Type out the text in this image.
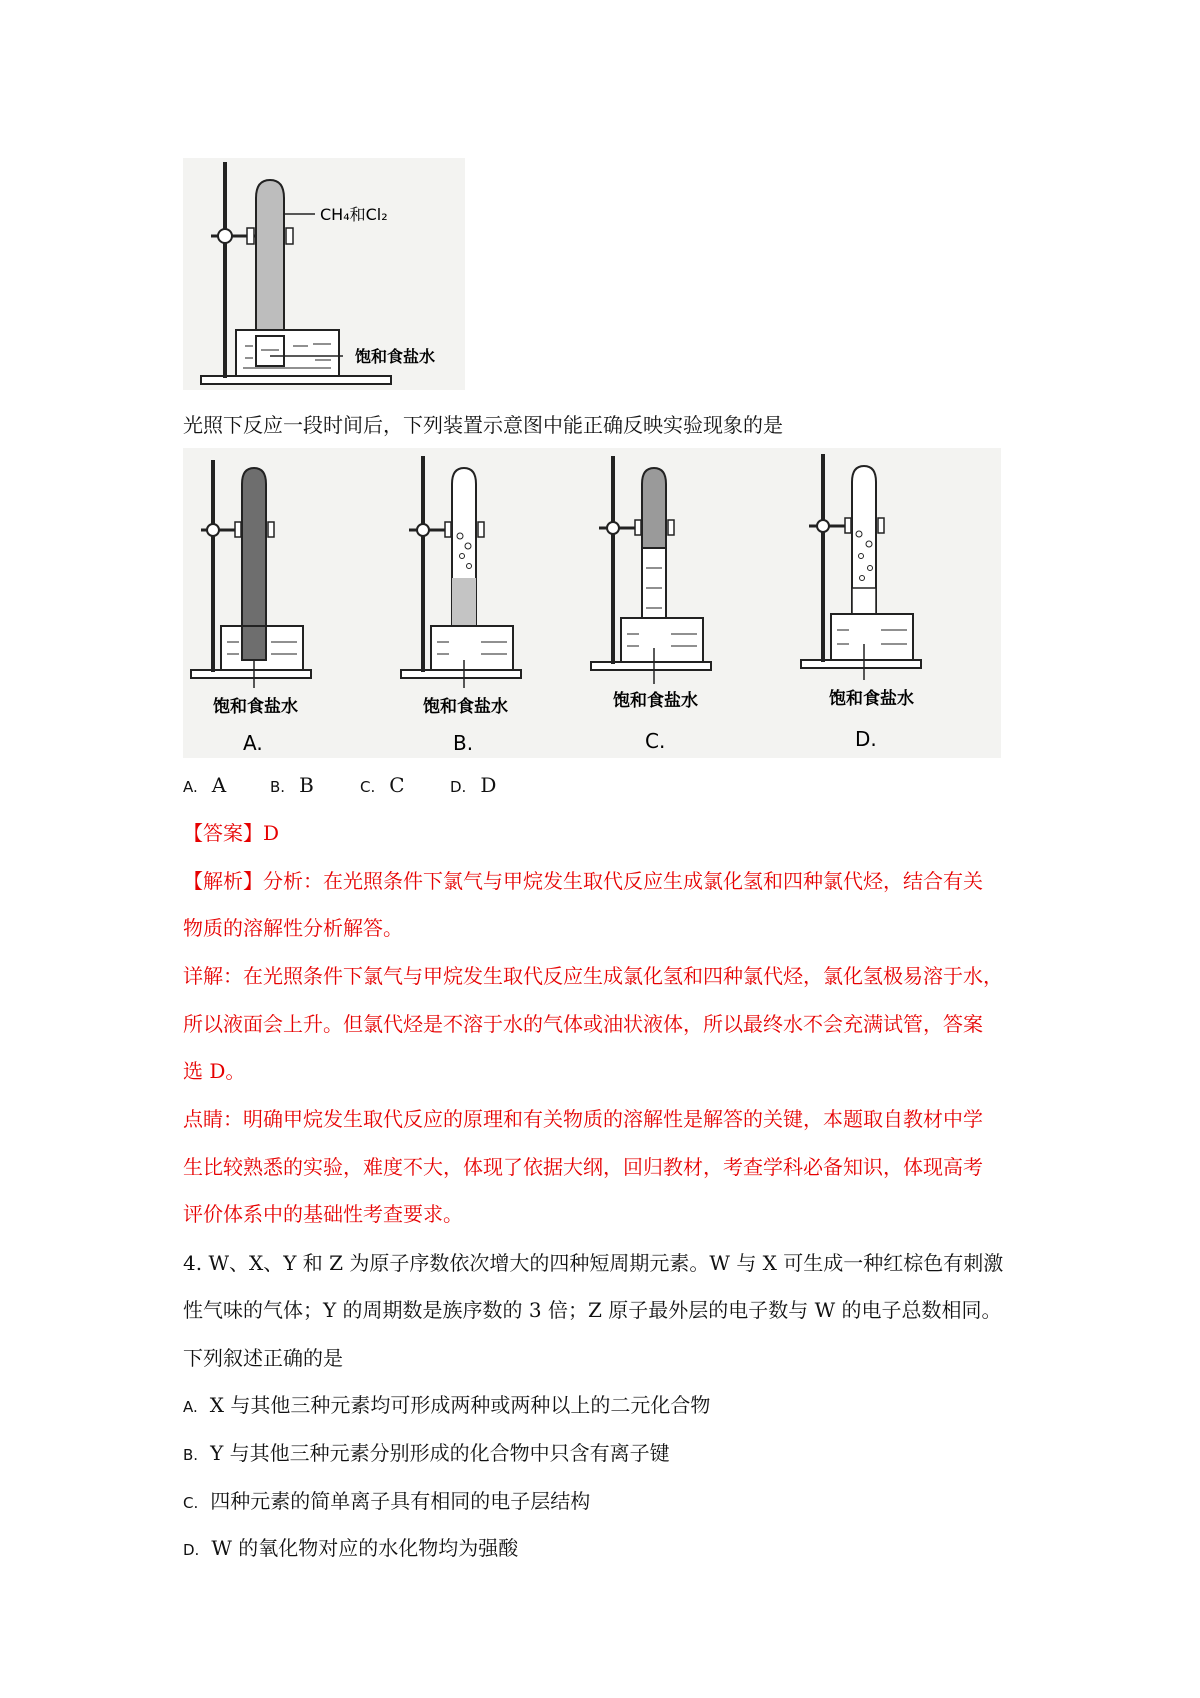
CH₄和Cl₂
饱和食盐水
光照下反应一段时间后，下列装置示意图中能正确反映实验现象的是
饱和食盐水
A.
饱和食盐水
B.
饱和食盐水
C.
饱和食盐水
D.
A. A	B. B	C. C	D. D
【答案】D
【解析】分析：在光照条件下氯气与甲烷发生取代反应生成氯化氢和四种氯代烃，结合有关
物质的溶解性分析解答。
详解：在光照条件下氯气与甲烷发生取代反应生成氯化氢和四种氯代烃，氯化氢极易溶于水，
所以液面会上升。但氯代烃是不溶于水的气体或油状液体，所以最终水不会充满试管，答案
选 D。
点睛：明确甲烷发生取代反应的原理和有关物质的溶解性是解答的关键，本题取自教材中学
生比较熟悉的实验，难度不大，体现了依据大纲，回归教材，考查学科必备知识，体现高考
评价体系中的基础性考查要求。
4. W、X、Y 和 Z 为原子序数依次增大的四种短周期元素。W 与 X 可生成一种红棕色有刺激
性气味的气体；Y 的周期数是族序数的 3 倍；Z 原子最外层的电子数与 W 的电子总数相同。
下列叙述正确的是
A. X 与其他三种元素均可形成两种或两种以上的二元化合物
B. Y 与其他三种元素分别形成的化合物中只含有离子键
C. 四种元素的简单离子具有相同的电子层结构
D. W 的氧化物对应的水化物均为强酸
